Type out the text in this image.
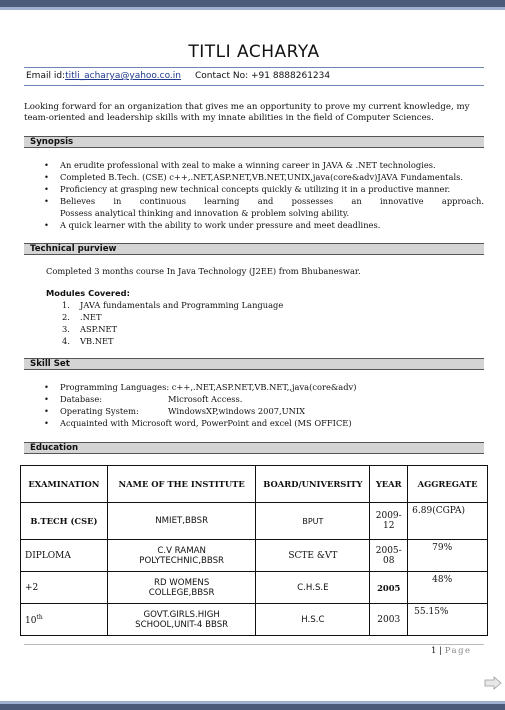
TITLI ACHARYA
Email id:titli_acharya@yahoo.co.in Contact No: +91 8888261234
Looking forward for an organization that gives me an opportunity to prove my current knowledge, my team-oriented and leadership skills with my innate abilities in the field of Computer Sciences.
Synopsis
• An erudite professional with zeal to make a winning career in JAVA & .NET technologies.
• Completed B.Tech. (CSE) c++,.NET,ASP.NET,VB.NET,UNIX,java(core&adv)JAVA Fundamentals.
• Proficiency at grasping new technical concepts quickly & utilizing it in a productive manner.
• Believes in continuous learning and possesses an innovative approach.
Possess analytical thinking and innovation & problem solving ability.
• A quick learner with the ability to work under pressure and meet deadlines.
Technical purview
Completed 3 months course In Java Technology (J2EE) from Bhubaneswar.
Modules Covered:
1. JAVA fundamentals and Programming Language
2. .NET
3. ASP.NET
4. VB.NET
Skill Set
• Programming Languages: c++,.NET,ASP.NET,VB.NET,,java(core&adv)
• Database:	Microsoft Access.
• Operating System:	WindowsXP,windows 2007,UNIX
• Acquainted with Microsoft word, PowerPoint and excel (MS OFFICE)
Education
EXAMINATION	NAME OF THE INSTITUTE	BOARD/UNIVERSITY	YEAR	AGGREGATE
B.TECH (CSE)	NMIET,BBSR	BPUT	2009-12	6.89(CGPA)
DIPLOMA	C.V RAMAN POLYTECHNIC,BBSR	SCTE &VT	2005-08	79%
+2	RD WOMENS COLLEGE,BBSR	C.H.S.E	2005	48%
10th	GOVT.GIRLS.HIGH SCHOOL,UNIT-4 BBSR	H.S.C	2003	55.15%
1 | Page
